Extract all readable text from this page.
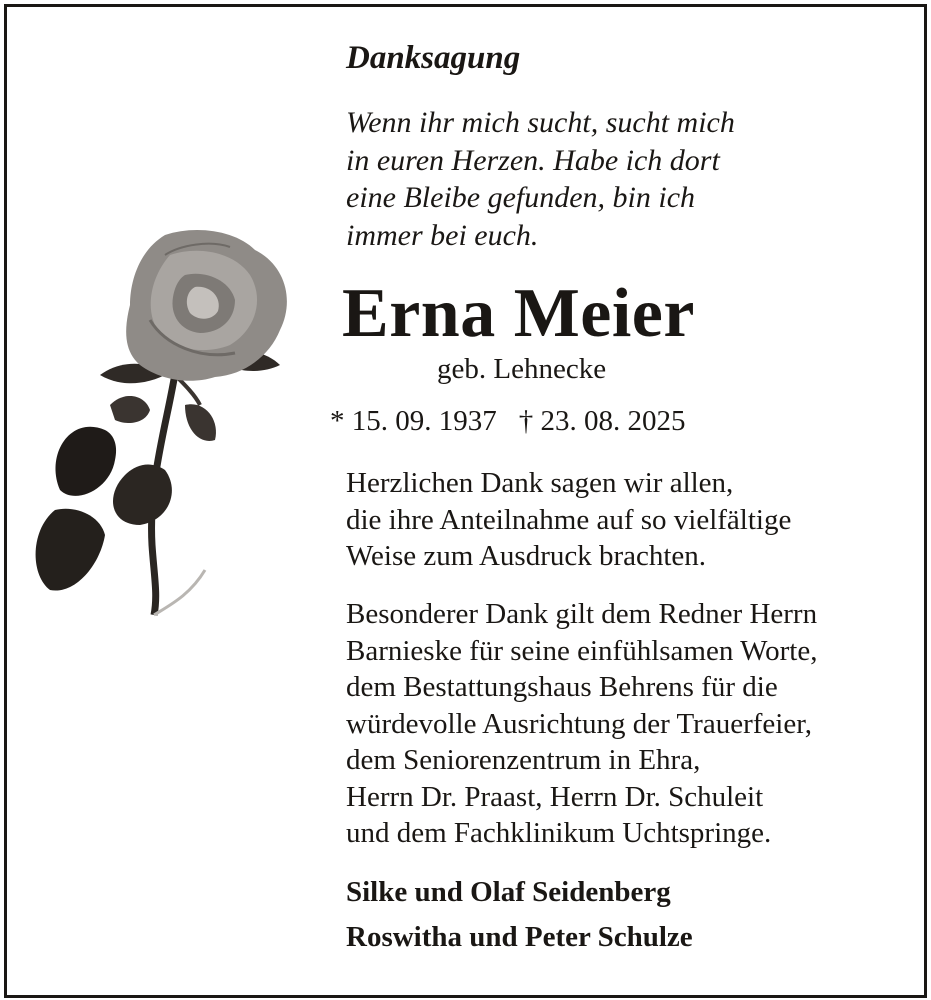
Danksagung
Wenn ihr mich sucht, sucht mich
in euren Herzen. Habe ich dort
eine Bleibe gefunden, bin ich
immer bei euch.
Erna Meier
geb. Lehnecke
* 15. 09. 1937 † 23. 08. 2025
Herzlichen Dank sagen wir allen,
die ihre Anteilnahme auf so vielfältige
Weise zum Ausdruck brachten.
Besonderer Dank gilt dem Redner Herrn
Barnieske für seine einfühlsamen Worte,
dem Bestattungshaus Behrens für die
würdevolle Ausrichtung der Trauerfeier,
dem Seniorenzentrum in Ehra,
Herrn Dr. Praast, Herrn Dr. Schuleit
und dem Fachklinikum Uchtspringe.
Silke und Olaf Seidenberg
Roswitha und Peter Schulze
